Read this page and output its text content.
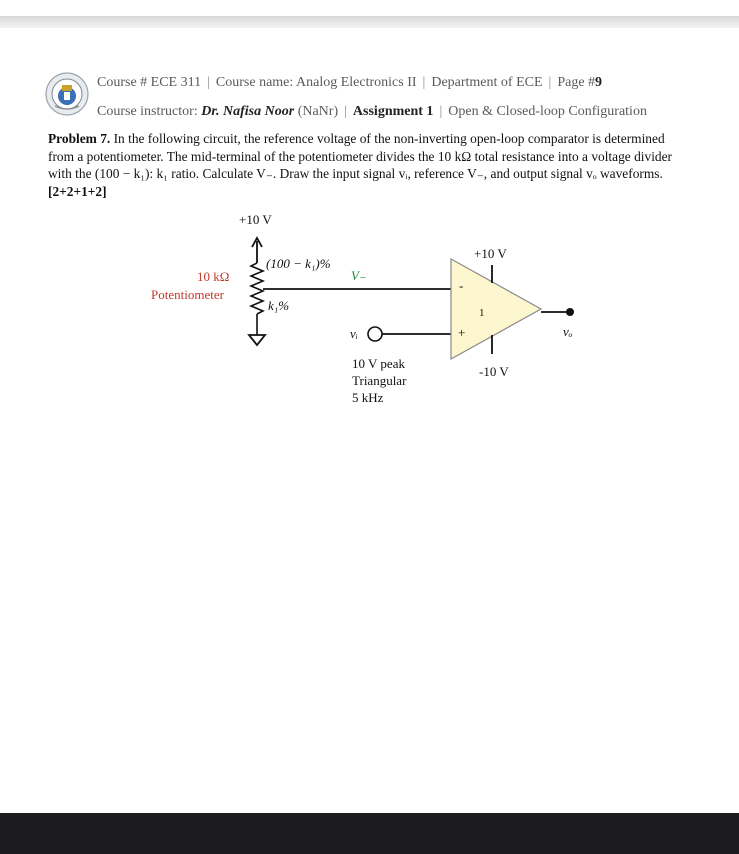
Course # ECE 311 | Course name: Analog Electronics II | Department of ECE | Page #9
Course instructor: Dr. Nafisa Noor (NaNr) | Assignment 1 | Open & Closed-loop Configuration
Problem 7. In the following circuit, the reference voltage of the non-inverting open-loop comparator is determined from a potentiometer. The mid-terminal of the potentiometer divides the 10 kΩ total resistance into a voltage divider with the (100 − k₁): k₁ ratio. Calculate V₋. Draw the input signal vᵢ, reference V₋, and output signal vₒ waveforms.
[2+2+1+2]
+10 V
10 kΩ
Potentiometer
(100 − k₁)%
k₁%
V₋
vᵢ
10 V peak
Triangular
5 kHz
-
+
1
+10 V
-10 V
vₒ
